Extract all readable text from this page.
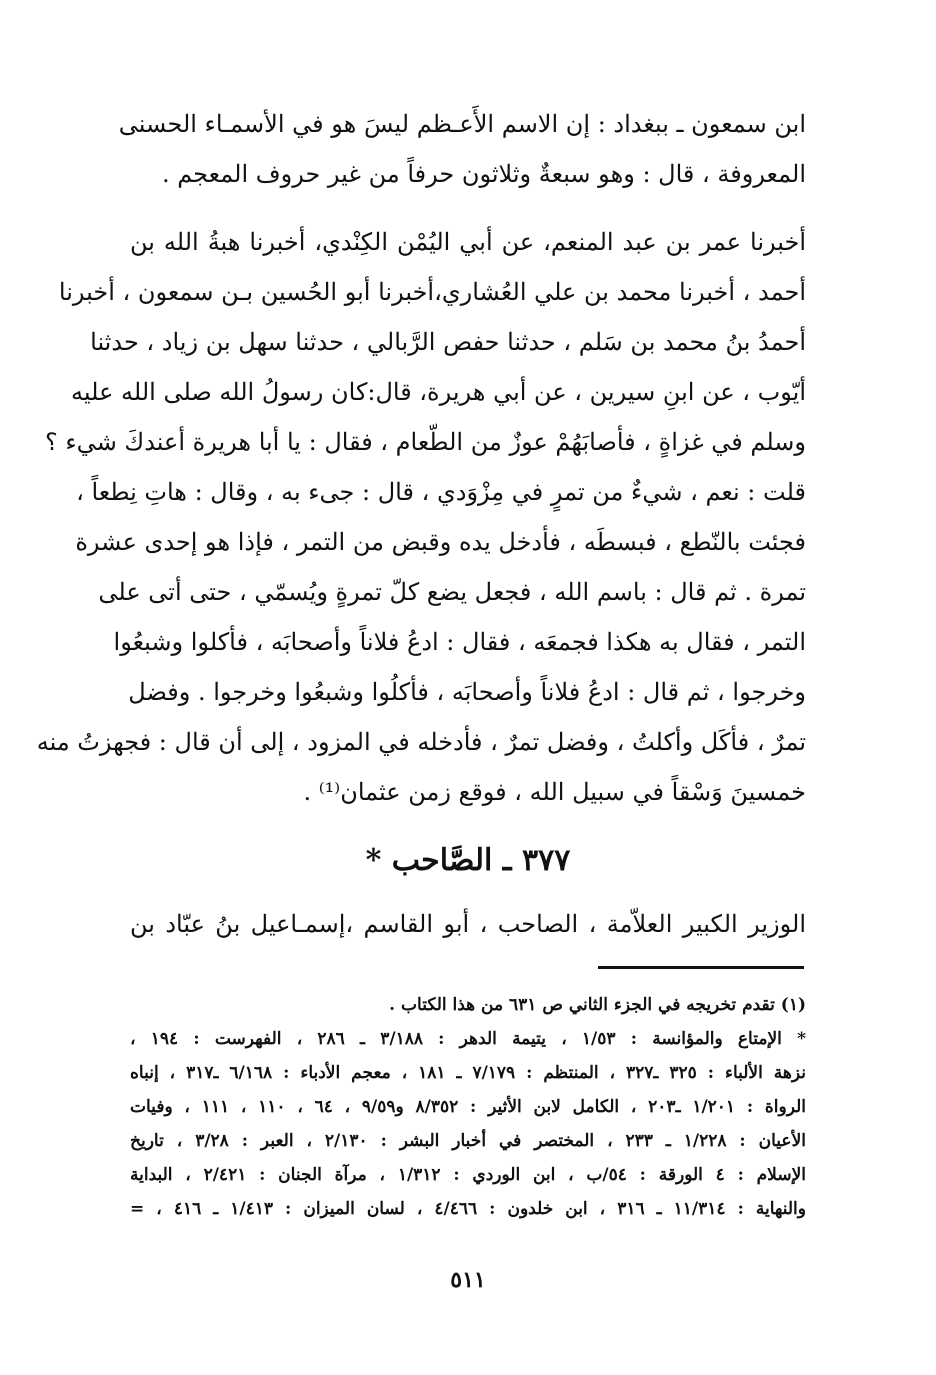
ابن سمعون ـ ببغداد : إن الاسم الأَعـظم ليسَ هو في الأسمـاء الحسنى
المعروفة ، قال : وهو سبعةٌ وثلاثون حرفاً من غير حروف المعجم .
أخبرنا عمر بن عبد المنعم، عن أبي اليُمْن الكِنْدي، أخبرنا هبةُ الله بن
أحمد ، أخبرنا محمد بن علي العُشاري،أخبرنا أبو الحُسين بـن سمعون ، أخبرنا
أحمدُ بنُ محمد بن سَلم ، حدثنا حفص الرَّبالي ، حدثنا سهل بن زياد ، حدثنا
أيّوب ، عن ابنِ سيرين ، عن أبي هريرة، قال:كان رسولُ الله صلى الله عليه
وسلم في غزاةٍ ، فأصابَهُمْ عوزٌ من الطّعام ، فقال : يا أبا هريرة أعندكَ شيء ؟
قلت : نعم ، شيءٌ من تمرٍ في مِزْوَدي ، قال : جىء به ، وقال : هاتِ نِطعاً ،
فجئت بالنّطع ، فبسطَه ، فأدخل يده وقبض من التمر ، فإذا هو إحدى عشرة
تمرة . ثم قال : باسم الله ، فجعل يضع كلّ تمرةٍ ويُسمّي ، حتى أتى على
التمر ، فقال به هكذا فجمعَه ، فقال : ادعُ فلاناً وأصحابَه ، فأكلوا وشبعُوا
وخرجوا ، ثم قال : ادعُ فلاناً وأصحابَه ، فأكلُوا وشبعُوا وخرجوا . وفضل
تمرٌ ، فأكَل وأكلتُ ، وفضل تمرٌ ، فأدخله في المزود ، إلى أن قال : فجهزتُ منه
خمسينَ وَسْقاً في سبيل الله ، فوقع زمن عثمان⁽¹⁾ .
٣٧٧ ـ الصَّاحب *
الوزير الكبير العلاّمة ، الصاحب ، أبو القاسم ،إسمـاعيل بنُ عبّاد بن
(١) تقدم تخريجه في الجزء الثاني ص ٦٣١ من هذا الكتاب .
* الإمتاع والمؤانسة : ١/٥٣ ، يتيمة الدهر : ٣/١٨٨ ـ ٢٨٦ ، الفهرست : ١٩٤ ،
نزهة الألباء : ٣٢٥ ـ٣٢٧ ، المنتظم : ٧/١٧٩ ـ ١٨١ ، معجم الأدباء : ٦/١٦٨ ـ٣١٧ ، إنباه
الرواة : ١/٢٠١ ـ٢٠٣ ، الكامل لابن الأثير : ٨/٣٥٢ و٩/٥٩ ، ٦٤ ، ١١٠ ، ١١١ ، وفيات
الأعيان : ١/٢٢٨ ـ ٢٣٣ ، المختصر في أخبار البشر : ٢/١٣٠ ، العبر : ٣/٢٨ ، تاريخ
الإسلام : ٤ الورقة : ٥٤/ب ، ابن الوردي : ١/٣١٢ ، مرآة الجنان : ٢/٤٢١ ، البداية
والنهاية : ١١/٣١٤ ـ ٣١٦ ، ابن خلدون : ٤/٤٦٦ ، لسان الميزان : ١/٤١٣ ـ ٤١٦ ، =
٥١١
